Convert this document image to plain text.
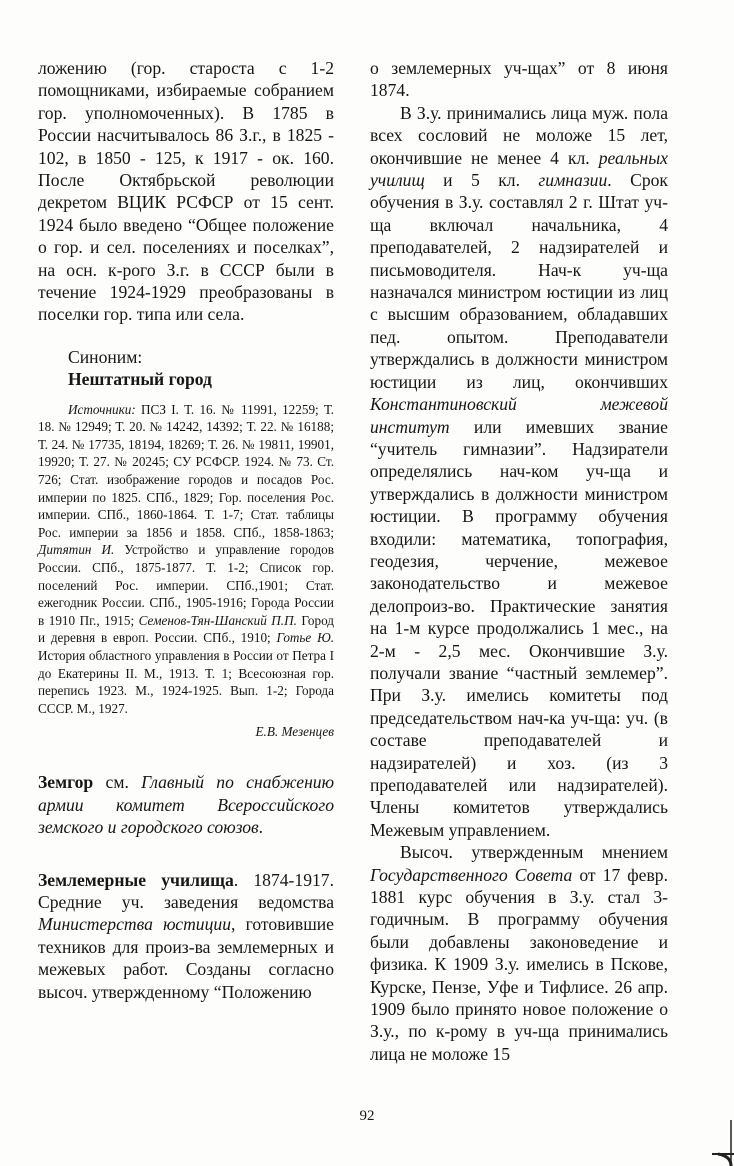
ложению (гор. староста с 1-2 помощниками, избираемые собранием гор. уполномоченных). В 1785 в России насчитывалось 86 З.г., в 1825 - 102, в 1850 - 125, к 1917 - ок. 160. После Октябрьской революции декретом ВЦИК РСФСР от 15 сент. 1924 было введено “Общее положение о гор. и сел. поселениях и поселках”, на осн. к-рого З.г. в СССР были в течение 1924-1929 преобразованы в поселки гор. типа или села.

Синоним:
Нештатный город
Источники: ПСЗ I. Т. 16. № 11991, 12259; Т. 18. № 12949; Т. 20. № 14242, 14392; Т. 22. № 16188; Т. 24. № 17735, 18194, 18269; Т. 26. № 19811, 19901, 19920; Т. 27. № 20245; СУ РСФСР. 1924. № 73. Ст. 726; Стат. изображение городов и посадов Рос. империи по 1825. СПб., 1829; Гор. поселения Рос. империи. СПб., 1860-1864. Т. 1-7; Стат. таблицы Рос. империи за 1856 и 1858. СПб., 1858-1863; Дитятин И. Устройство и управление городов России. СПб., 1875-1877. Т. 1-2; Список гор. поселений Рос. империи. СПб.,1901; Стат. ежегодник России. СПб., 1905-1916; Города России в 1910 Пг., 1915; Семенов-Тян-Шанский П.П. Город и деревня в европ. России. СПб., 1910; Готье Ю. История областного управления в России от Петра I до Екатерины II. М., 1913. Т. 1; Всесоюзная гор. перепись 1923. М., 1924-1925. Вып. 1-2; Города СССР. М., 1927.
Е.В. Мезенцев

Земгор см. Главный по снабжению армии комитет Всероссийского земского и городского союзов.

Землемерные училища. 1874-1917. Средние уч. заведения ведомства Министерства юстиции, готовившие техников для произ-ва землемерных и межевых работ. Созданы согласно высоч. утвержденному “Положению

о землемерных уч-щах” от 8 июня 1874.

В З.у. принимались лица муж. пола всех сословий не моложе 15 лет, окончившие не менее 4 кл. реальных училищ и 5 кл. гимназии. Срок обучения в З.у. составлял 2 г. Штат уч-ща включал начальника, 4 преподавателей, 2 надзирателей и письмоводителя. Нач-к уч-ща назначался министром юстиции из лиц с высшим образованием, обладавших пед. опытом. Преподаватели утверждались в должности министром юстиции из лиц, окончивших Константиновский межевой институт или имевших звание “учитель гимназии”. Надзиратели определялись нач-ком уч-ща и утверждались в должности министром юстиции. В программу обучения входили: математика, топография, геодезия, черчение, межевое законодательство и межевое делопроиз-во. Практические занятия на 1-м курсе продолжались 1 мес., на 2-м - 2,5 мес. Окончившие З.у. получали звание “частный землемер”. При З.у. имелись комитеты под председательством нач-ка уч-ща: уч. (в составе преподавателей и надзирателей) и хоз. (из 3 преподавателей или надзирателей). Члены комитетов утверждались Межевым управлением.

Высоч. утвержденным мнением Государственного Совета от 17 февр. 1881 курс обучения в З.у. стал 3-годичным. В программу обучения были добавлены законоведение и физика. К 1909 З.у. имелись в Пскове, Курске, Пензе, Уфе и Тифлисе. 26 апр. 1909 было принято новое положение о З.у., по к-рому в уч-ща принимались лица не моложе 15

92
